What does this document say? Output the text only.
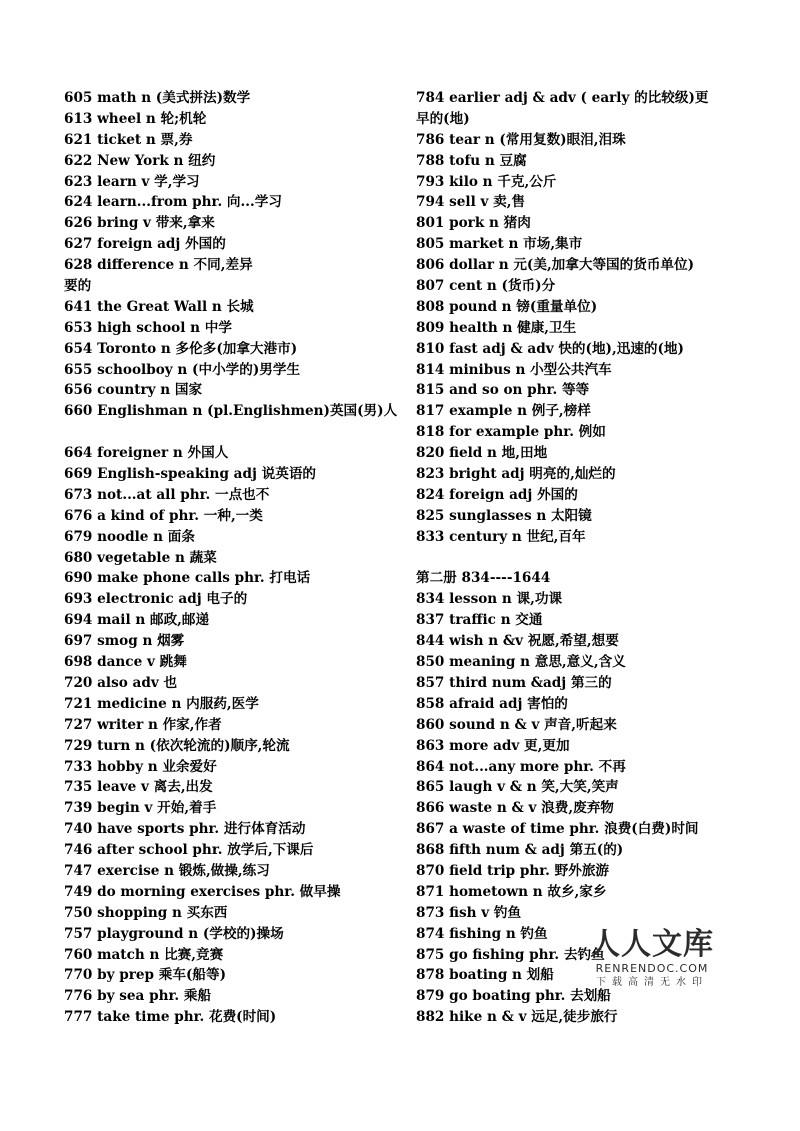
605 math n (美式拼法)数学
613 wheel n 轮;机轮
621 ticket n 票,券
622 New York n 纽约
623 learn v 学,学习
624 learn...from phr. 向...学习
626 bring v 带来,拿来
627 foreign adj 外国的
628 difference n 不同,差异
要的
641 the Great Wall n 长城
653 high school n 中学
654 Toronto n 多伦多(加拿大港市)
655 schoolboy n (中小学的)男学生
656 country n 国家
660 Englishman n (pl.Englishmen)英国(男)人
664 foreigner n 外国人
669 English-speaking adj 说英语的
673 not...at all phr. 一点也不
676 a kind of phr. 一种,一类
679 noodle n 面条
680 vegetable n 蔬菜
690 make phone calls phr. 打电话
693 electronic adj 电子的
694 mail n 邮政,邮递
697 smog n 烟雾
698 dance v 跳舞
720 also adv 也
721 medicine n 内服药,医学
727 writer n 作家,作者
729 turn n (依次轮流的)顺序,轮流
733 hobby n 业余爱好
735 leave v 离去,出发
739 begin v 开始,着手
740 have sports phr. 进行体育活动
746 after school phr. 放学后,下课后
747 exercise n 锻炼,做操,练习
749 do morning exercises phr. 做早操
750 shopping n 买东西
757 playground n (学校的)操场
760 match n 比赛,竞赛
770 by prep 乘车(船等)
776 by sea phr. 乘船
777 take time phr. 花费(时间)
784 earlier adj & adv ( early 的比较级)更
早的(地)
786 tear n (常用复数)眼泪,泪珠
788 tofu n 豆腐
793 kilo n 千克,公斤
794 sell v 卖,售
801 pork n 猪肉
805 market n 市场,集市
806 dollar n 元(美,加拿大等国的货币单位)
807 cent n (货币)分
808 pound n 镑(重量单位)
809 health n 健康,卫生
810 fast adj & adv 快的(地),迅速的(地)
814 minibus n 小型公共汽车
815 and so on phr. 等等
817 example n 例子,榜样
818 for example phr. 例如
820 field n 地,田地
823 bright adj 明亮的,灿烂的
824 foreign adj 外国的
825 sunglasses n 太阳镜
833 century n 世纪,百年
第二册 834----1644
834 lesson n 课,功课
837 traffic n 交通
844 wish n &v 祝愿,希望,想要
850 meaning n 意思,意义,含义
857 third num &adj 第三的
858 afraid adj 害怕的
860 sound n & v 声音,听起来
863 more adv 更,更加
864 not...any more phr. 不再
865 laugh v & n 笑,大笑,笑声
866 waste n & v 浪费,废弃物
867 a waste of time phr. 浪费(白费)时间
868 fifth num & adj 第五(的)
870 field trip phr. 野外旅游
871 hometown n 故乡,家乡
873 fish v 钓鱼
874 fishing n 钓鱼
875 go fishing phr. 去钓鱼
878 boating n 划船
879 go boating phr. 去划船
882 hike n & v 远足,徒步旅行
人人文库
RENRENDOC.COM
下载高清无水印
